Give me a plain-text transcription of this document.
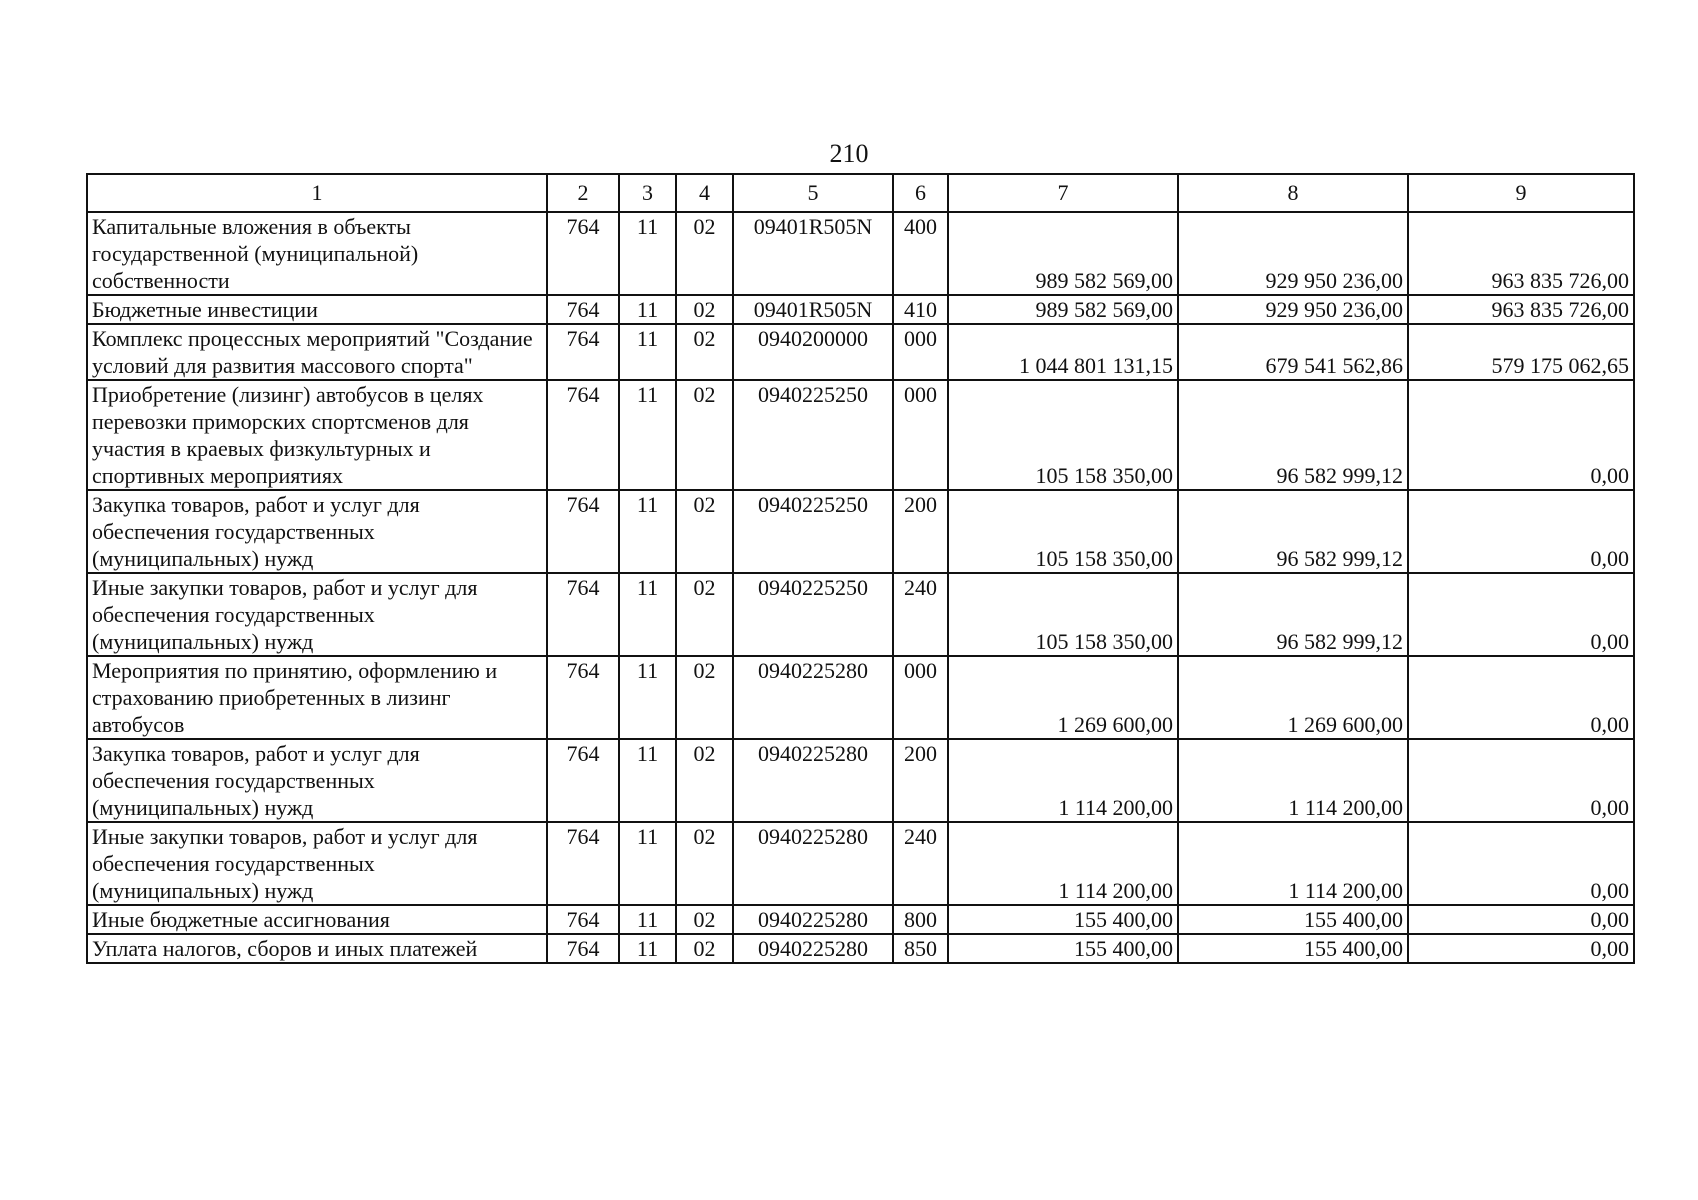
210
1	2	3	4	5	6	7	8	9
Капитальные вложения в объекты государственной (муниципальной) собственности	764	11	02	09401R505N	400	989 582 569,00	929 950 236,00	963 835 726,00
Бюджетные инвестиции	764	11	02	09401R505N	410	989 582 569,00	929 950 236,00	963 835 726,00
Комплекс процессных мероприятий "Создание условий для развития массового спорта"	764	11	02	0940200000	000	1 044 801 131,15	679 541 562,86	579 175 062,65
Приобретение (лизинг) автобусов в целях перевозки приморских спортсменов для участия в краевых физкультурных и спортивных мероприятиях	764	11	02	0940225250	000	105 158 350,00	96 582 999,12	0,00
Закупка товаров, работ и услуг для обеспечения государственных (муниципальных) нужд	764	11	02	0940225250	200	105 158 350,00	96 582 999,12	0,00
Иные закупки товаров, работ и услуг для обеспечения государственных (муниципальных) нужд	764	11	02	0940225250	240	105 158 350,00	96 582 999,12	0,00
Мероприятия по принятию, оформлению и страхованию приобретенных в лизинг автобусов	764	11	02	0940225280	000	1 269 600,00	1 269 600,00	0,00
Закупка товаров, работ и услуг для обеспечения государственных (муниципальных) нужд	764	11	02	0940225280	200	1 114 200,00	1 114 200,00	0,00
Иные закупки товаров, работ и услуг для обеспечения государственных (муниципальных) нужд	764	11	02	0940225280	240	1 114 200,00	1 114 200,00	0,00
Иные бюджетные ассигнования	764	11	02	0940225280	800	155 400,00	155 400,00	0,00
Уплата налогов, сборов и иных платежей	764	11	02	0940225280	850	155 400,00	155 400,00	0,00
